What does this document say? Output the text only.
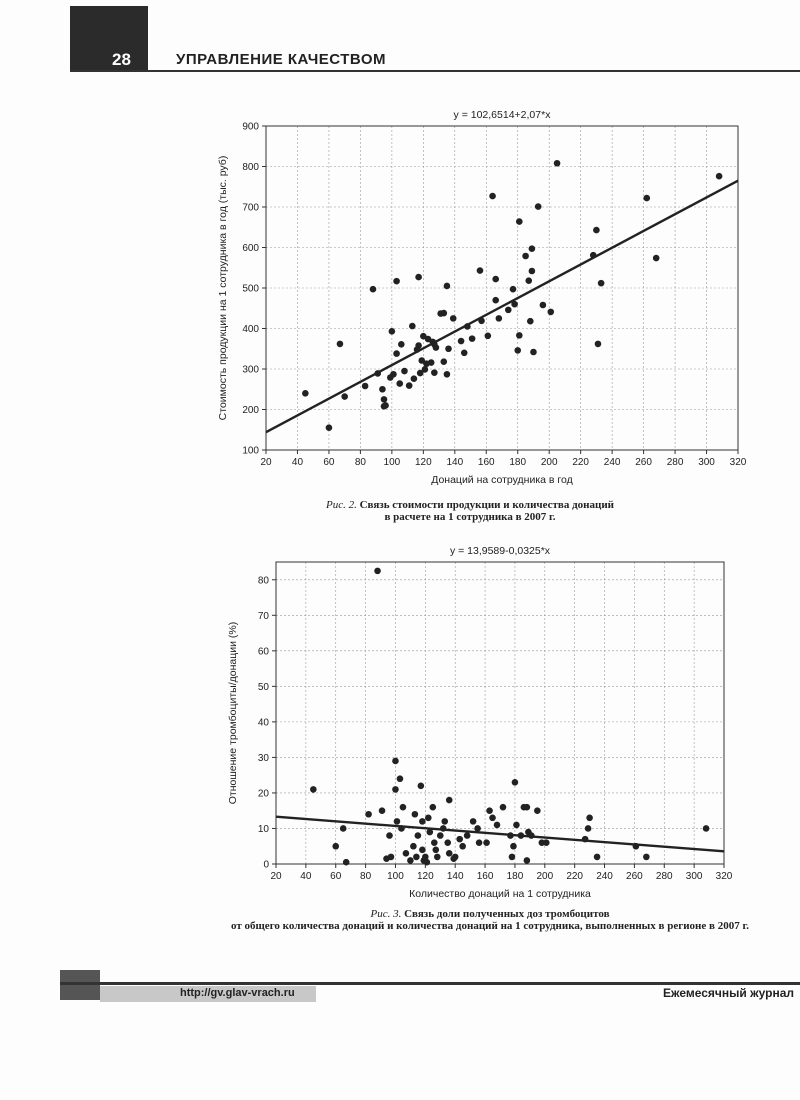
28	УПРАВЛЕНИЕ КАЧЕСТВОМ
20 40 60 80 100 120 140 160 180 200 220 240 260 280 300 320
100
200
300
400
500
600
700
800
900
y = 102,6514+2,07*x
Донаций на сотрудника в год
Стоимость продукции на 1 сотрудника в год (тыс. руб)
Рис. 2. Связь стоимости продукции и количества донаций
в расчете на 1 сотрудника в 2007 г.
20 40 60 80 100 120 140 160 180 200 220 240 260 280 300 320
0
10
20
30
40
50
60
70
80
y = 13,9589-0,0325*x
Количество донаций на 1 сотрудника
Отношение тромбоциты/донации (%)
Рис. 3. Связь доли полученных доз тромбоцитов
от общего количества донаций и количества донаций на 1 сотрудника, выполненных в регионе в 2007 г.
http://gv.glav-vrach.ru	Ежемесячный журнал
